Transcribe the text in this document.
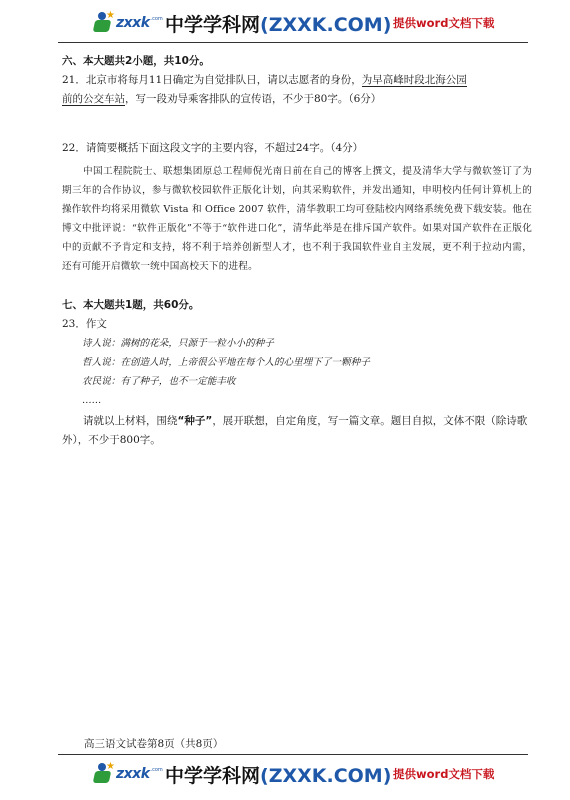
★ zxxk .com 中学学科网(ZXXK.COM) 提供word文档下载

六、本大题共2小题，共10分。

21．北京市将每月11日确定为自觉排队日，请以志愿者的身份，为早高峰时段北海公园
前的公交车站，写一段劝导乘客排队的宣传语，不少于80字。（6分）

22．请简要概括下面这段文字的主要内容，不超过24字。（4分）

中国工程院院士、联想集团原总工程师倪光南日前在自己的博客上撰文，提及清华大学与微软签订了为期三年的合作协议，参与微软校园软件正版化计划，向其采购软件，并发出通知，申明校内任何计算机上的操作软件均将采用微软 Vista 和 Office 2007 软件，清华教职工均可登陆校内网络系统免费下载安装。他在博文中批评说：“软件正版化”不等于“软件进口化”，清华此举是在排斥国产软件。如果对国产软件在正版化中的贡献不予肯定和支持，将不利于培养创新型人才，也不利于我国软件业自主发展，更不利于拉动内需，还有可能开启微软一统中国高校天下的进程。

七、本大题共1题，共60分。

23．作文

诗人说：满树的花朵，只源于一粒小小的种子

哲人说：在创造人时，上帝很公平地在每个人的心里埋下了一颗种子

农民说：有了种子，也不一定能丰收

……

请就以上材料，围绕“种子”，展开联想，自定角度，写一篇文章。题目自拟，文体不限（除诗歌外），不少于800字。

高三语文试卷第8页（共8页）
★ zxxk .com 中学学科网(ZXXK.COM) 提供word文档下载
